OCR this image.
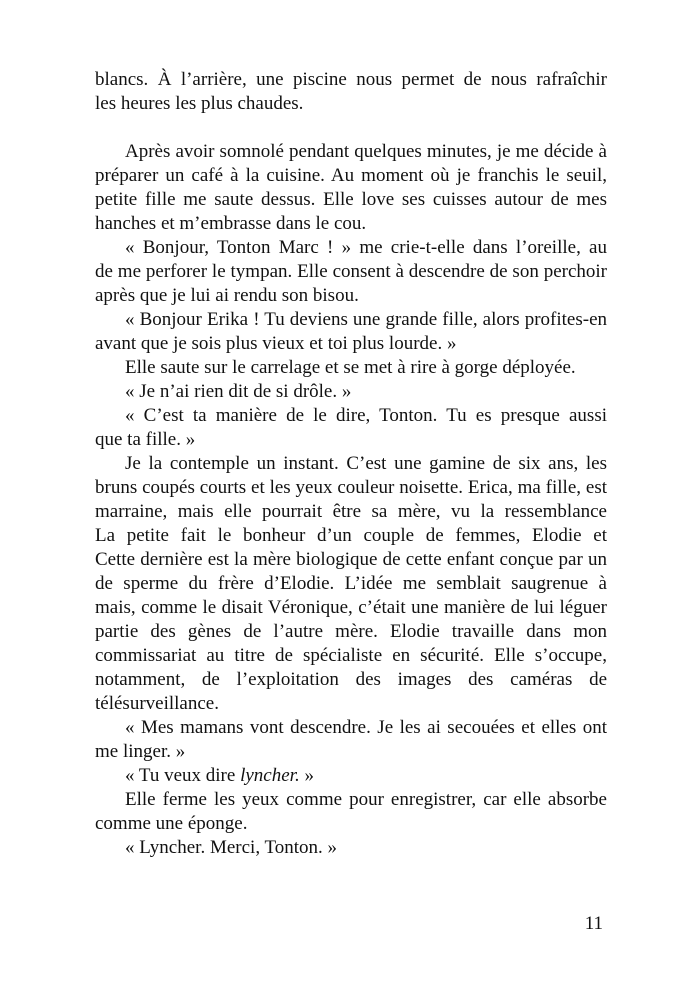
blancs. À l’arrière, une piscine nous permet de nous rafraîchir
les heures les plus chaudes.
Après avoir somnolé pendant quelques minutes, je me décide à
préparer un café à la cuisine. Au moment où je franchis le seuil,
petite fille me saute dessus. Elle love ses cuisses autour de mes
hanches et m’embrasse dans le cou.
« Bonjour, Tonton Marc ! » me crie-t-elle dans l’oreille, au
de me perforer le tympan. Elle consent à descendre de son perchoir
après que je lui ai rendu son bisou.
« Bonjour Erika ! Tu deviens une grande fille, alors profites-en
avant que je sois plus vieux et toi plus lourde. »
Elle saute sur le carrelage et se met à rire à gorge déployée.
« Je n’ai rien dit de si drôle. »
« C’est ta manière de le dire, Tonton. Tu es presque aussi
que ta fille. »
Je la contemple un instant. C’est une gamine de six ans, les
bruns coupés courts et les yeux couleur noisette. Erica, ma fille, est
marraine, mais elle pourrait être sa mère, vu la ressemblance
La petite fait le bonheur d’un couple de femmes, Elodie et
Cette dernière est la mère biologique de cette enfant conçue par un
de sperme du frère d’Elodie. L’idée me semblait saugrenue à
mais, comme le disait Véronique, c’était une manière de lui léguer
partie des gènes de l’autre mère. Elodie travaille dans mon
commissariat au titre de spécialiste en sécurité. Elle s’occupe,
notamment, de l’exploitation des images des caméras de
télésurveillance.
« Mes mamans vont descendre. Je les ai secouées et elles ont
me linger. »
« Tu veux dire lyncher. »
Elle ferme les yeux comme pour enregistrer, car elle absorbe
comme une éponge.
« Lyncher. Merci, Tonton. »
11
